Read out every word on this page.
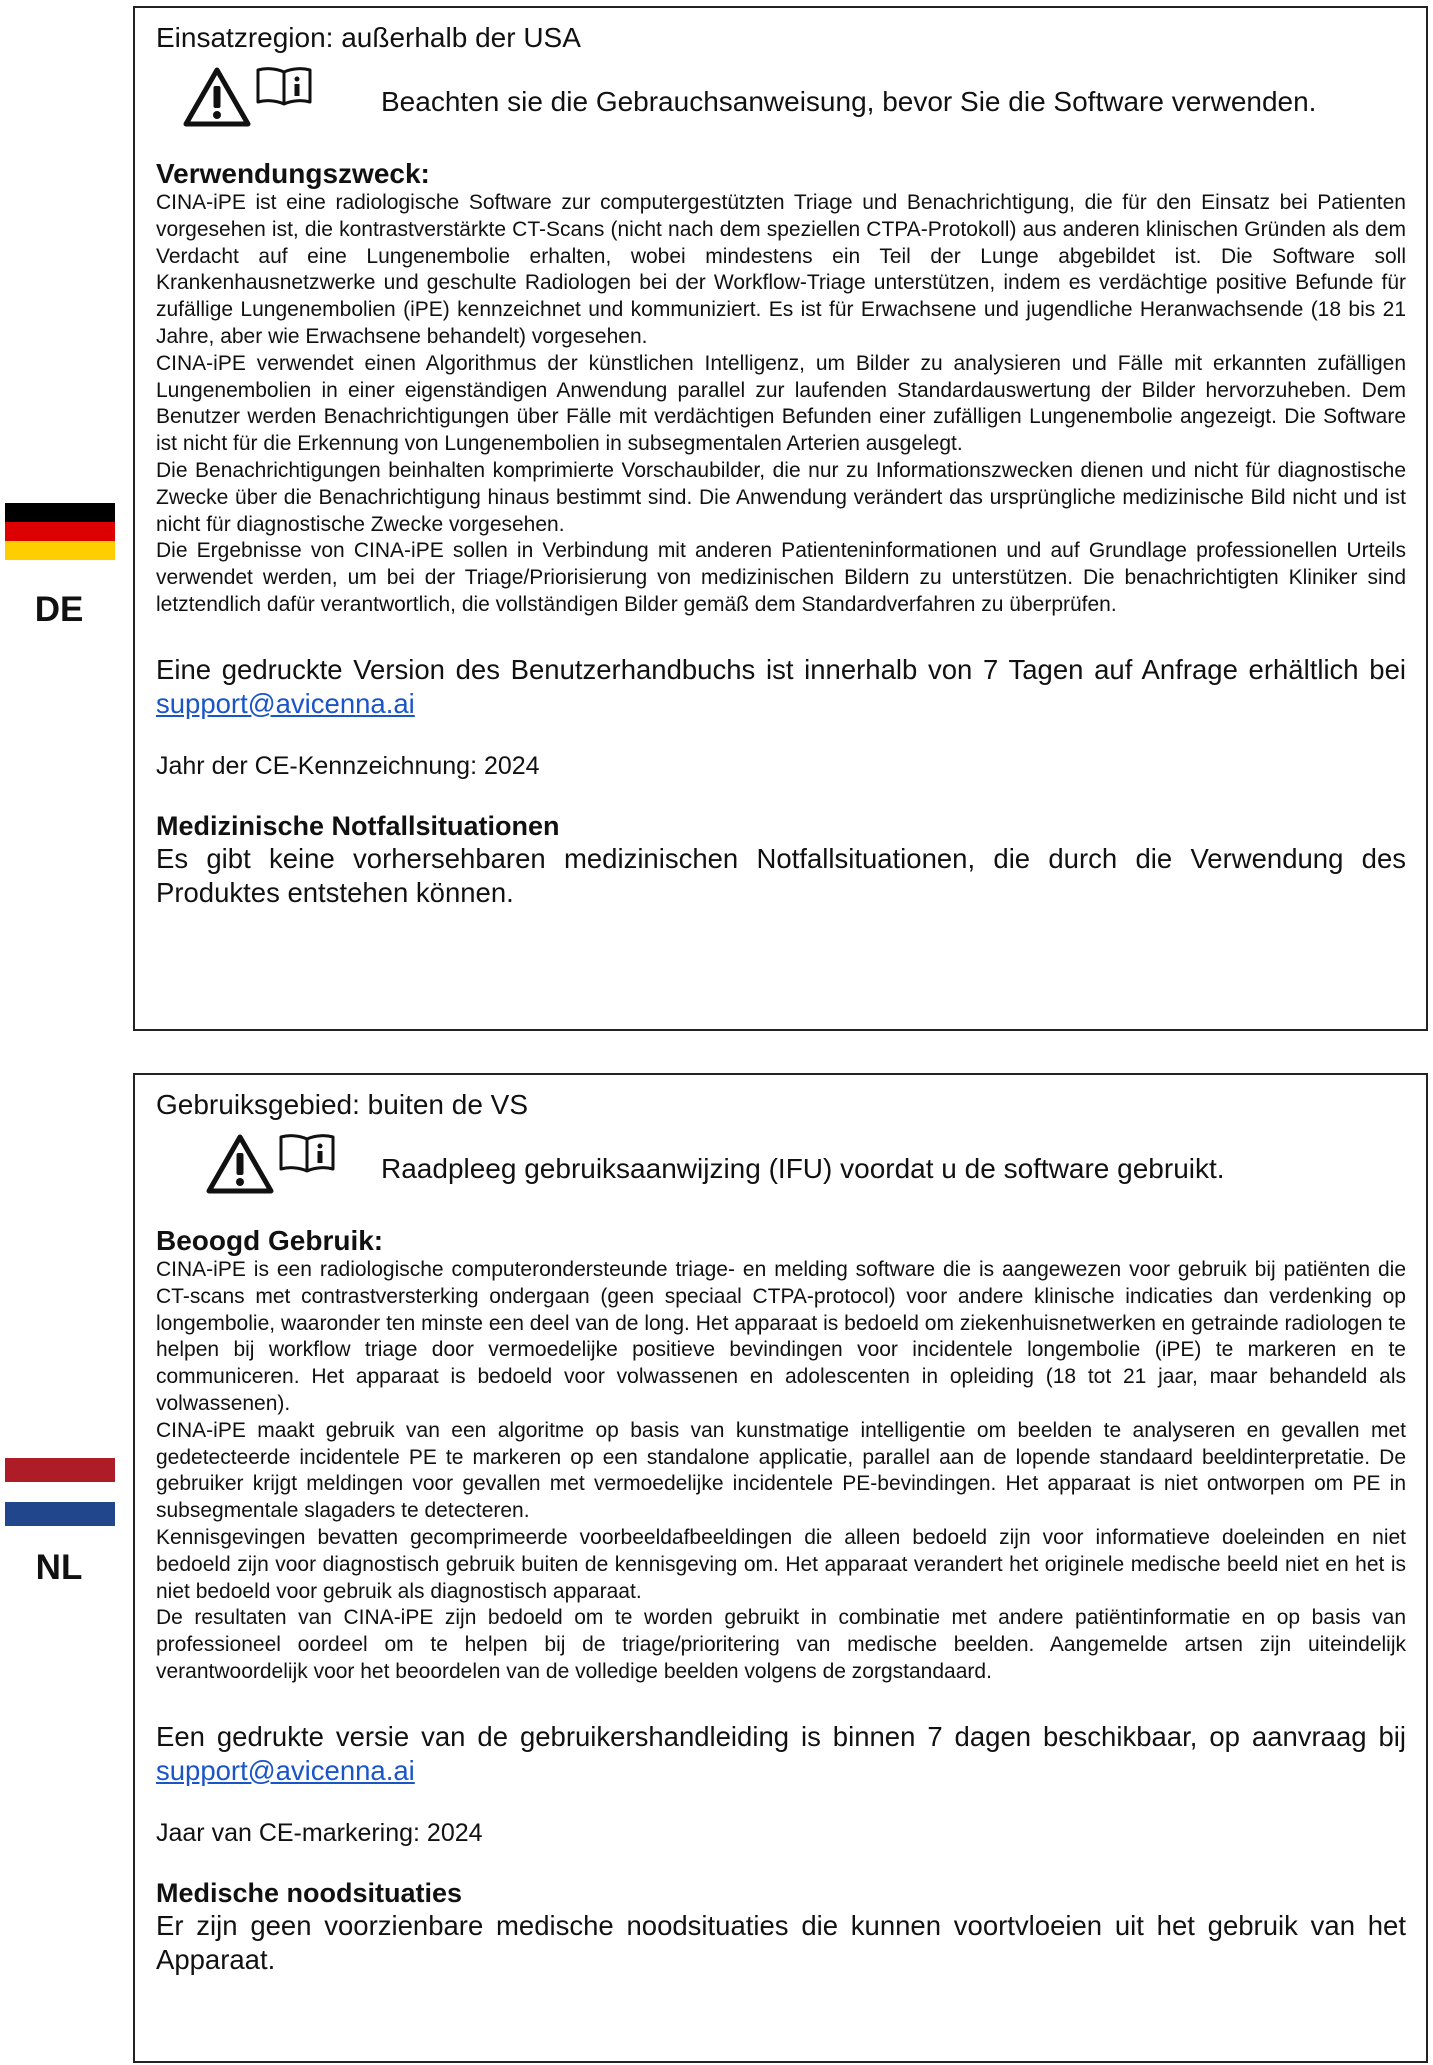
DE

Einsatzregion: außerhalb der USA

Beachten sie die Gebrauchsanweisung, bevor Sie die Software verwenden.

Verwendungszweck:

CINA-iPE ist eine radiologische Software zur computergestützten Triage und Benachrichtigung, die für den Einsatz bei Patienten vorgesehen ist, die kontrastverstärkte CT-Scans (nicht nach dem speziellen CTPA-Protokoll) aus anderen klinischen Gründen als dem Verdacht auf eine Lungenembolie erhalten, wobei mindestens ein Teil der Lunge abgebildet ist. Die Software soll Krankenhausnetzwerke und geschulte Radiologen bei der Workflow-Triage unterstützen, indem es verdächtige positive Befunde für zufällige Lungenembolien (iPE) kennzeichnet und kommuniziert. Es ist für Erwachsene und jugendliche Heranwachsende (18 bis 21 Jahre, aber wie Erwachsene behandelt) vorgesehen.

CINA-iPE verwendet einen Algorithmus der künstlichen Intelligenz, um Bilder zu analysieren und Fälle mit erkannten zufälligen Lungenembolien in einer eigenständigen Anwendung parallel zur laufenden Standardauswertung der Bilder hervorzuheben. Dem Benutzer werden Benachrichtigungen über Fälle mit verdächtigen Befunden einer zufälligen Lungenembolie angezeigt. Die Software ist nicht für die Erkennung von Lungenembolien in subsegmentalen Arterien ausgelegt.

Die Benachrichtigungen beinhalten komprimierte Vorschaubilder, die nur zu Informationszwecken dienen und nicht für diagnostische Zwecke über die Benachrichtigung hinaus bestimmt sind. Die Anwendung verändert das ursprüngliche medizinische Bild nicht und ist nicht für diagnostische Zwecke vorgesehen.

Die Ergebnisse von CINA-iPE sollen in Verbindung mit anderen Patienteninformationen und auf Grundlage professionellen Urteils verwendet werden, um bei der Triage/Priorisierung von medizinischen Bildern zu unterstützen. Die benachrichtigten Kliniker sind letztendlich dafür verantwortlich, die vollständigen Bilder gemäß dem Standardverfahren zu überprüfen.

Eine gedruckte Version des Benutzerhandbuchs ist innerhalb von 7 Tagen auf Anfrage erhältlich bei support@avicenna.ai

Jahr der CE-Kennzeichnung: 2024

Medizinische Notfallsituationen

Es gibt keine vorhersehbaren medizinischen Notfallsituationen, die durch die Verwendung des Produktes entstehen können.

NL

Gebruiksgebied: buiten de VS

Raadpleeg gebruiksaanwijzing (IFU) voordat u de software gebruikt.

Beoogd Gebruik:

CINA-iPE is een radiologische computerondersteunde triage- en melding software die is aangewezen voor gebruik bij patiënten die CT-scans met contrastversterking ondergaan (geen speciaal CTPA-protocol) voor andere klinische indicaties dan verdenking op longembolie, waaronder ten minste een deel van de long. Het apparaat is bedoeld om ziekenhuisnetwerken en getrainde radiologen te helpen bij workflow triage door vermoedelijke positieve bevindingen voor incidentele longembolie (iPE) te markeren en te communiceren. Het apparaat is bedoeld voor volwassenen en adolescenten in opleiding (18 tot 21 jaar, maar behandeld als volwassenen).

CINA-iPE maakt gebruik van een algoritme op basis van kunstmatige intelligentie om beelden te analyseren en gevallen met gedetecteerde incidentele PE te markeren op een standalone applicatie, parallel aan de lopende standaard beeldinterpretatie. De gebruiker krijgt meldingen voor gevallen met vermoedelijke incidentele PE-bevindingen. Het apparaat is niet ontworpen om PE in subsegmentale slagaders te detecteren.

Kennisgevingen bevatten gecomprimeerde voorbeeldafbeeldingen die alleen bedoeld zijn voor informatieve doeleinden en niet bedoeld zijn voor diagnostisch gebruik buiten de kennisgeving om. Het apparaat verandert het originele medische beeld niet en het is niet bedoeld voor gebruik als diagnostisch apparaat.

De resultaten van CINA-iPE zijn bedoeld om te worden gebruikt in combinatie met andere patiëntinformatie en op basis van professioneel oordeel om te helpen bij de triage/prioritering van medische beelden. Aangemelde artsen zijn uiteindelijk verantwoordelijk voor het beoordelen van de volledige beelden volgens de zorgstandaard.

Een gedrukte versie van de gebruikershandleiding is binnen 7 dagen beschikbaar, op aanvraag bij support@avicenna.ai

Jaar van CE-markering: 2024

Medische noodsituaties

Er zijn geen voorzienbare medische noodsituaties die kunnen voortvloeien uit het gebruik van het Apparaat.
